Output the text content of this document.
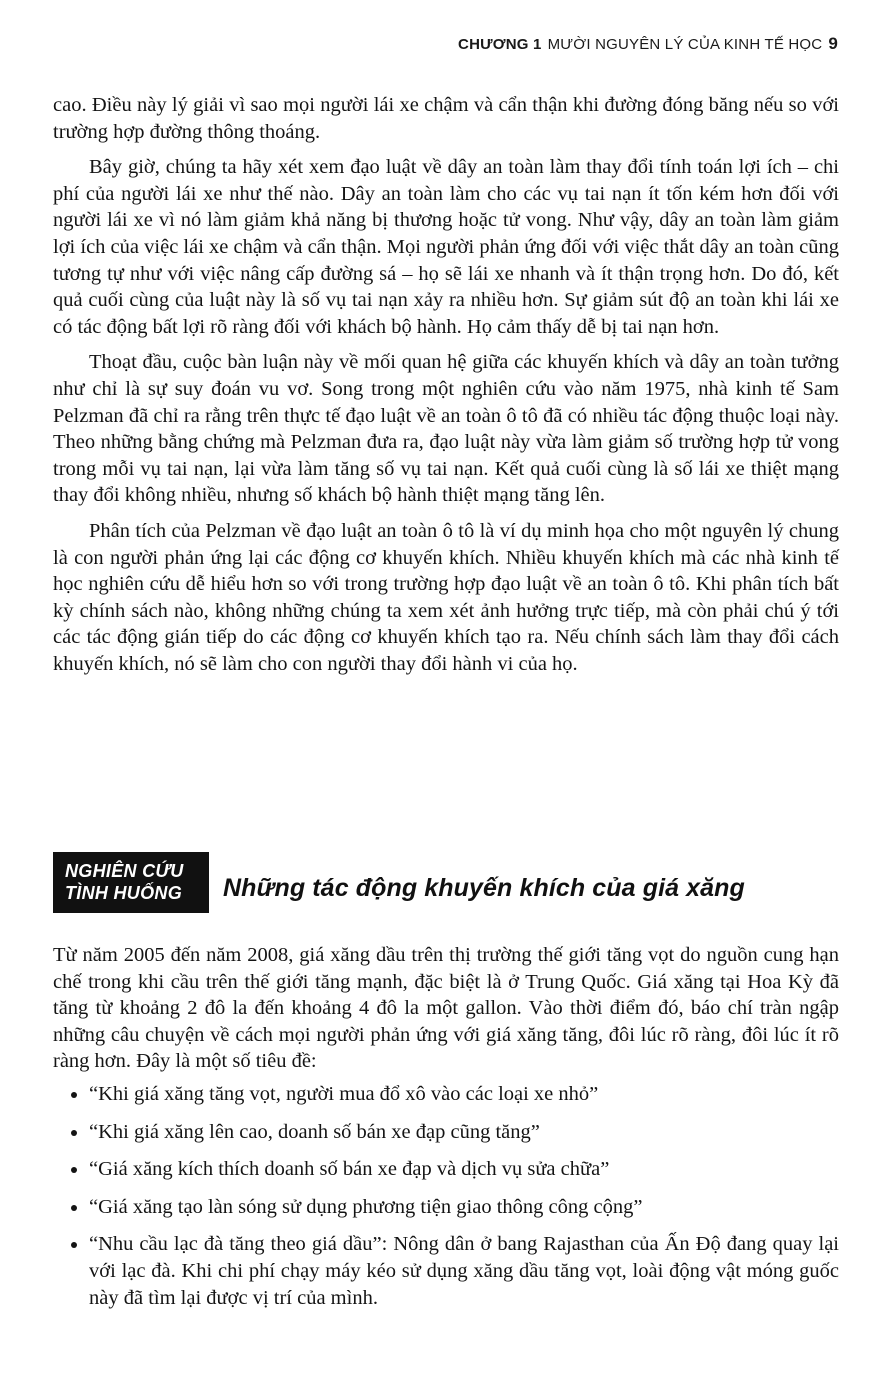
CHƯƠNG 1 MƯỜI NGUYÊN LÝ CỦA KINH TẾ HỌC 9

cao. Điều này lý giải vì sao mọi người lái xe chậm và cẩn thận khi đường đóng băng nếu so với trường hợp đường thông thoáng.

Bây giờ, chúng ta hãy xét xem đạo luật về dây an toàn làm thay đổi tính toán lợi ích – chi phí của người lái xe như thế nào. Dây an toàn làm cho các vụ tai nạn ít tốn kém hơn đối với người lái xe vì nó làm giảm khả năng bị thương hoặc tử vong. Như vậy, dây an toàn làm giảm lợi ích của việc lái xe chậm và cẩn thận. Mọi người phản ứng đối với việc thắt dây an toàn cũng tương tự như với việc nâng cấp đường sá – họ sẽ lái xe nhanh và ít thận trọng hơn. Do đó, kết quả cuối cùng của luật này là số vụ tai nạn xảy ra nhiều hơn. Sự giảm sút độ an toàn khi lái xe có tác động bất lợi rõ ràng đối với khách bộ hành. Họ cảm thấy dễ bị tai nạn hơn.

Thoạt đầu, cuộc bàn luận này về mối quan hệ giữa các khuyến khích và dây an toàn tưởng như chỉ là sự suy đoán vu vơ. Song trong một nghiên cứu vào năm 1975, nhà kinh tế Sam Pelzman đã chỉ ra rằng trên thực tế đạo luật về an toàn ô tô đã có nhiều tác động thuộc loại này. Theo những bằng chứng mà Pelzman đưa ra, đạo luật này vừa làm giảm số trường hợp tử vong trong mỗi vụ tai nạn, lại vừa làm tăng số vụ tai nạn. Kết quả cuối cùng là số lái xe thiệt mạng thay đổi không nhiều, nhưng số khách bộ hành thiệt mạng tăng lên.

Phân tích của Pelzman về đạo luật an toàn ô tô là ví dụ minh họa cho một nguyên lý chung là con người phản ứng lại các động cơ khuyến khích. Nhiều khuyến khích mà các nhà kinh tế học nghiên cứu dễ hiểu hơn so với trong trường hợp đạo luật về an toàn ô tô. Khi phân tích bất kỳ chính sách nào, không những chúng ta xem xét ảnh hưởng trực tiếp, mà còn phải chú ý tới các tác động gián tiếp do các động cơ khuyến khích tạo ra. Nếu chính sách làm thay đổi cách khuyến khích, nó sẽ làm cho con người thay đổi hành vi của họ.

NGHIÊN CỨU
TÌNH HUỐNG	Những tác động khuyến khích của giá xăng

Từ năm 2005 đến năm 2008, giá xăng dầu trên thị trường thế giới tăng vọt do nguồn cung hạn chế trong khi cầu trên thế giới tăng mạnh, đặc biệt là ở Trung Quốc. Giá xăng tại Hoa Kỳ đã tăng từ khoảng 2 đô la đến khoảng 4 đô la một gallon. Vào thời điểm đó, báo chí tràn ngập những câu chuyện về cách mọi người phản ứng với giá xăng tăng, đôi lúc rõ ràng, đôi lúc ít rõ ràng hơn. Đây là một số tiêu đề:

“Khi giá xăng tăng vọt, người mua đổ xô vào các loại xe nhỏ”
“Khi giá xăng lên cao, doanh số bán xe đạp cũng tăng”
“Giá xăng kích thích doanh số bán xe đạp và dịch vụ sửa chữa”
“Giá xăng tạo làn sóng sử dụng phương tiện giao thông công cộng”
“Nhu cầu lạc đà tăng theo giá dầu”: Nông dân ở bang Rajasthan của Ấn Độ đang quay lại với lạc đà. Khi chi phí chạy máy kéo sử dụng xăng dầu tăng vọt, loài động vật móng guốc này đã tìm lại được vị trí của mình.
